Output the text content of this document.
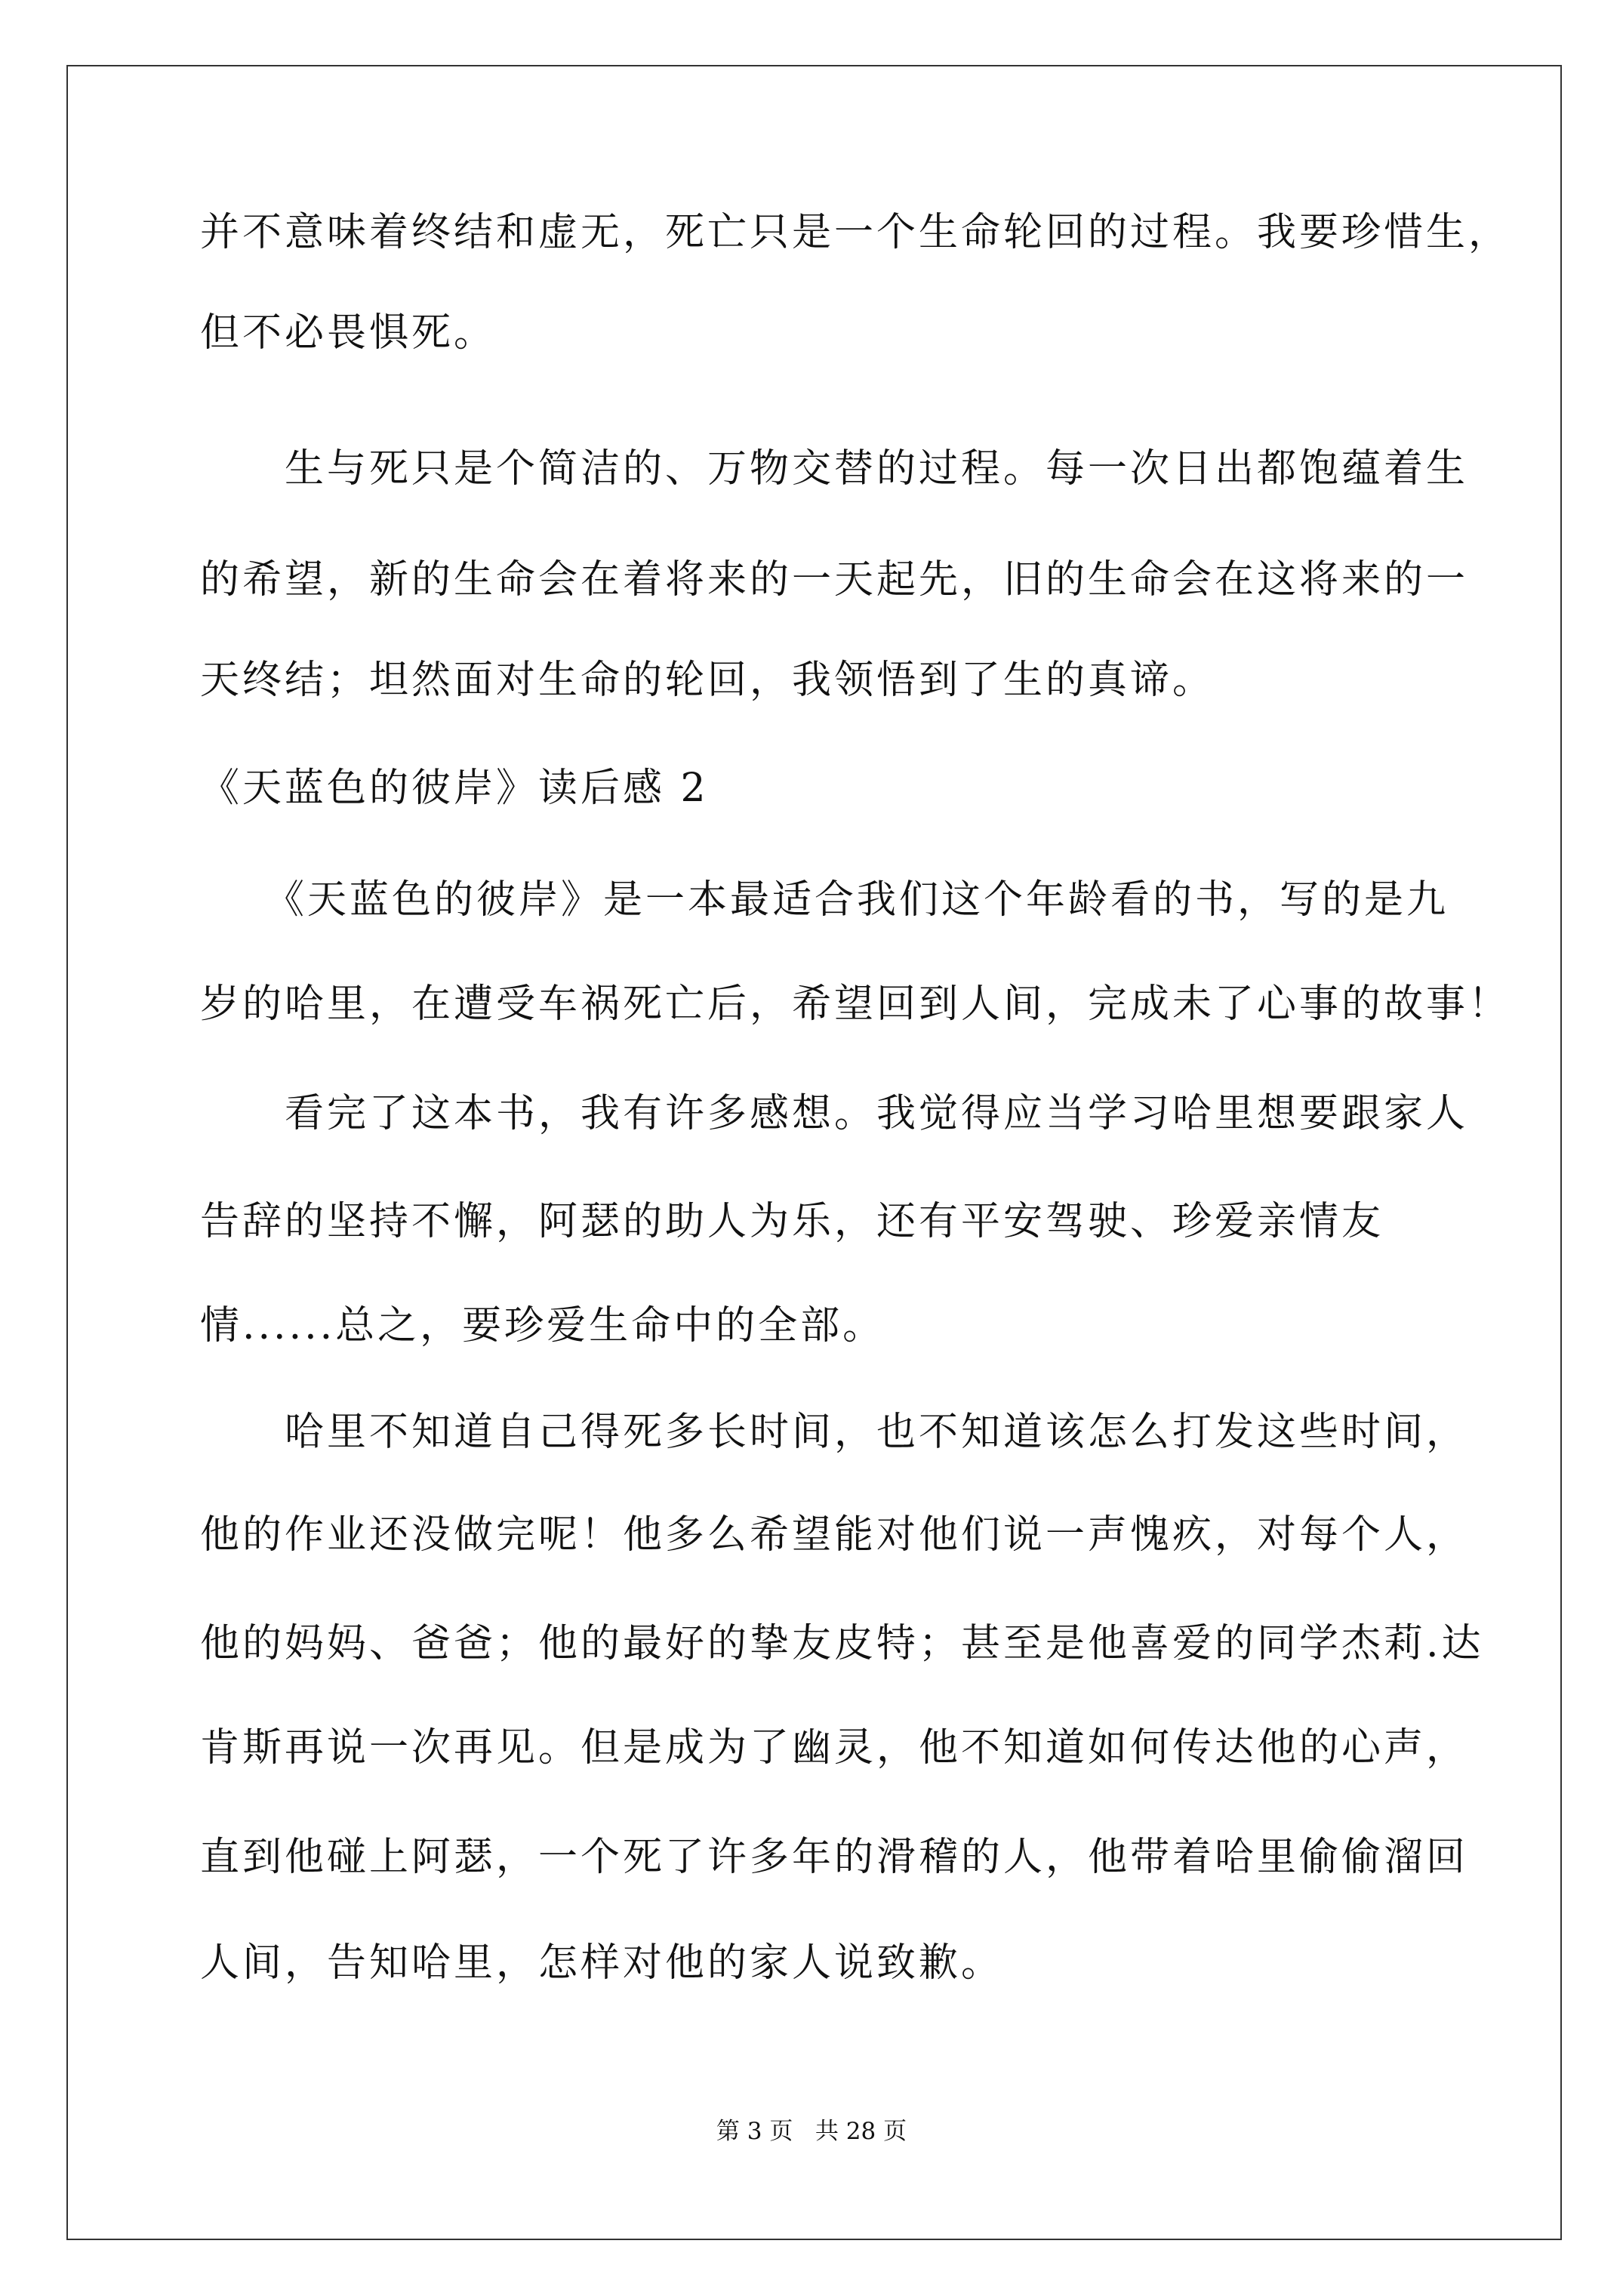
并不意味着终结和虚无，死亡只是一个生命轮回的过程。我要珍惜生，
但不必畏惧死。
　　生与死只是个简洁的、万物交替的过程。每一次日出都饱蕴着生
的希望，新的生命会在着将来的一天起先，旧的生命会在这将来的一
天终结；坦然面对生命的轮回，我领悟到了生的真谛。
《天蓝色的彼岸》读后感 2
　　《天蓝色的彼岸》是一本最适合我们这个年龄看的书，写的是九
岁的哈里，在遭受车祸死亡后，希望回到人间，完成未了心事的故事！
　　看完了这本书，我有许多感想。我觉得应当学习哈里想要跟家人
告辞的坚持不懈，阿瑟的助人为乐，还有平安驾驶、珍爱亲情友
情......总之，要珍爱生命中的全部。
　　哈里不知道自己得死多长时间，也不知道该怎么打发这些时间，
他的作业还没做完呢！他多么希望能对他们说一声愧疚，对每个人，
他的妈妈、爸爸；他的最好的挚友皮特；甚至是他喜爱的同学杰莉.达
肯斯再说一次再见。但是成为了幽灵，他不知道如何传达他的心声，
直到他碰上阿瑟，一个死了许多年的滑稽的人，他带着哈里偷偷溜回
人间，告知哈里，怎样对他的家人说致歉。
第 3 页   共 28 页
